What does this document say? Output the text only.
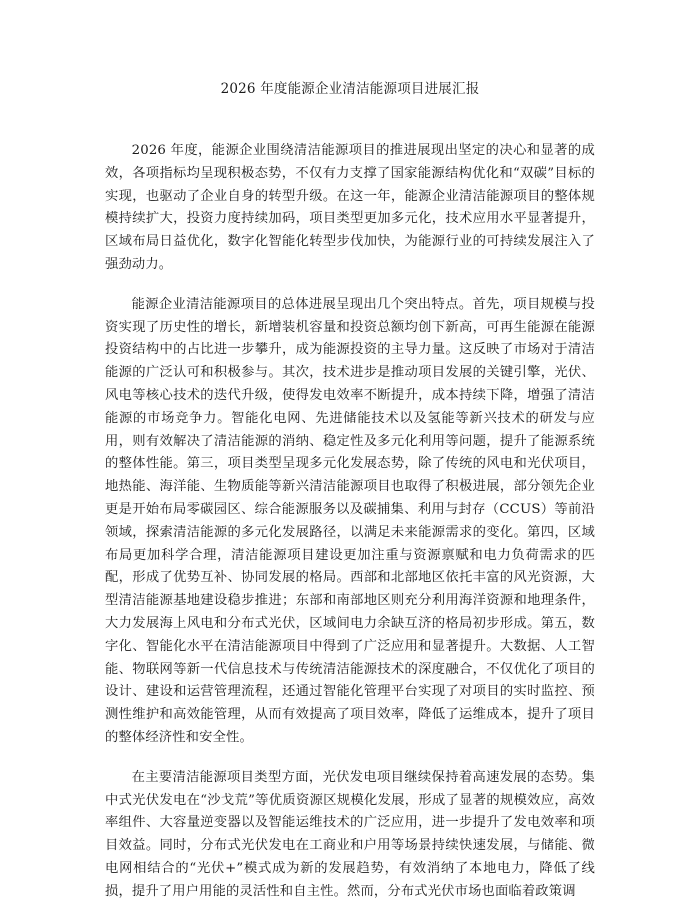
2026 年度能源企业清洁能源项目进展汇报

2026 年度，能源企业围绕清洁能源项目的推进展现出坚定的决心和显著的成效，各项指标均呈现积极态势，不仅有力支撑了国家能源结构优化和“双碳”目标的实现，也驱动了企业自身的转型升级。在这一年，能源企业清洁能源项目的整体规模持续扩大，投资力度持续加码，项目类型更加多元化，技术应用水平显著提升，区域布局日益优化，数字化智能化转型步伐加快，为能源行业的可持续发展注入了强劲动力。

能源企业清洁能源项目的总体进展呈现出几个突出特点。首先，项目规模与投资实现了历史性的增长，新增装机容量和投资总额均创下新高，可再生能源在能源投资结构中的占比进一步攀升，成为能源投资的主导力量。这反映了市场对于清洁能源的广泛认可和积极参与。其次，技术进步是推动项目发展的关键引擎，光伏、风电等核心技术的迭代升级，使得发电效率不断提升，成本持续下降，增强了清洁能源的市场竞争力。智能化电网、先进储能技术以及氢能等新兴技术的研发与应用，则有效解决了清洁能源的消纳、稳定性及多元化利用等问题，提升了能源系统的整体性能。第三，项目类型呈现多元化发展态势，除了传统的风电和光伏项目，地热能、海洋能、生物质能等新兴清洁能源项目也取得了积极进展，部分领先企业更是开始布局零碳园区、综合能源服务以及碳捕集、利用与封存（CCUS）等前沿领域，探索清洁能源的多元化发展路径，以满足未来能源需求的变化。第四，区域布局更加科学合理，清洁能源项目建设更加注重与资源禀赋和电力负荷需求的匹配，形成了优势互补、协同发展的格局。西部和北部地区依托丰富的风光资源，大型清洁能源基地建设稳步推进；东部和南部地区则充分利用海洋资源和地理条件，大力发展海上风电和分布式光伏，区域间电力余缺互济的格局初步形成。第五，数字化、智能化水平在清洁能源项目中得到了广泛应用和显著提升。大数据、人工智能、物联网等新一代信息技术与传统清洁能源技术的深度融合，不仅优化了项目的设计、建设和运营管理流程，还通过智能化管理平台实现了对项目的实时监控、预测性维护和高效能管理，从而有效提高了项目效率，降低了运维成本，提升了项目的整体经济性和安全性。

在主要清洁能源项目类型方面，光伏发电项目继续保持着高速发展的态势。集中式光伏发电在“沙戈荒”等优质资源区规模化发展，形成了显著的规模效应，高效率组件、大容量逆变器以及智能运维技术的广泛应用，进一步提升了发电效率和项目效益。同时，分布式光伏发电在工商业和户用等场景持续快速发展，与储能、微电网相结合的“光伏+”模式成为新的发展趋势，有效消纳了本地电力，降低了线损，提升了用户用能的灵活性和自主性。然而，分布式光伏市场也面临着政策调
